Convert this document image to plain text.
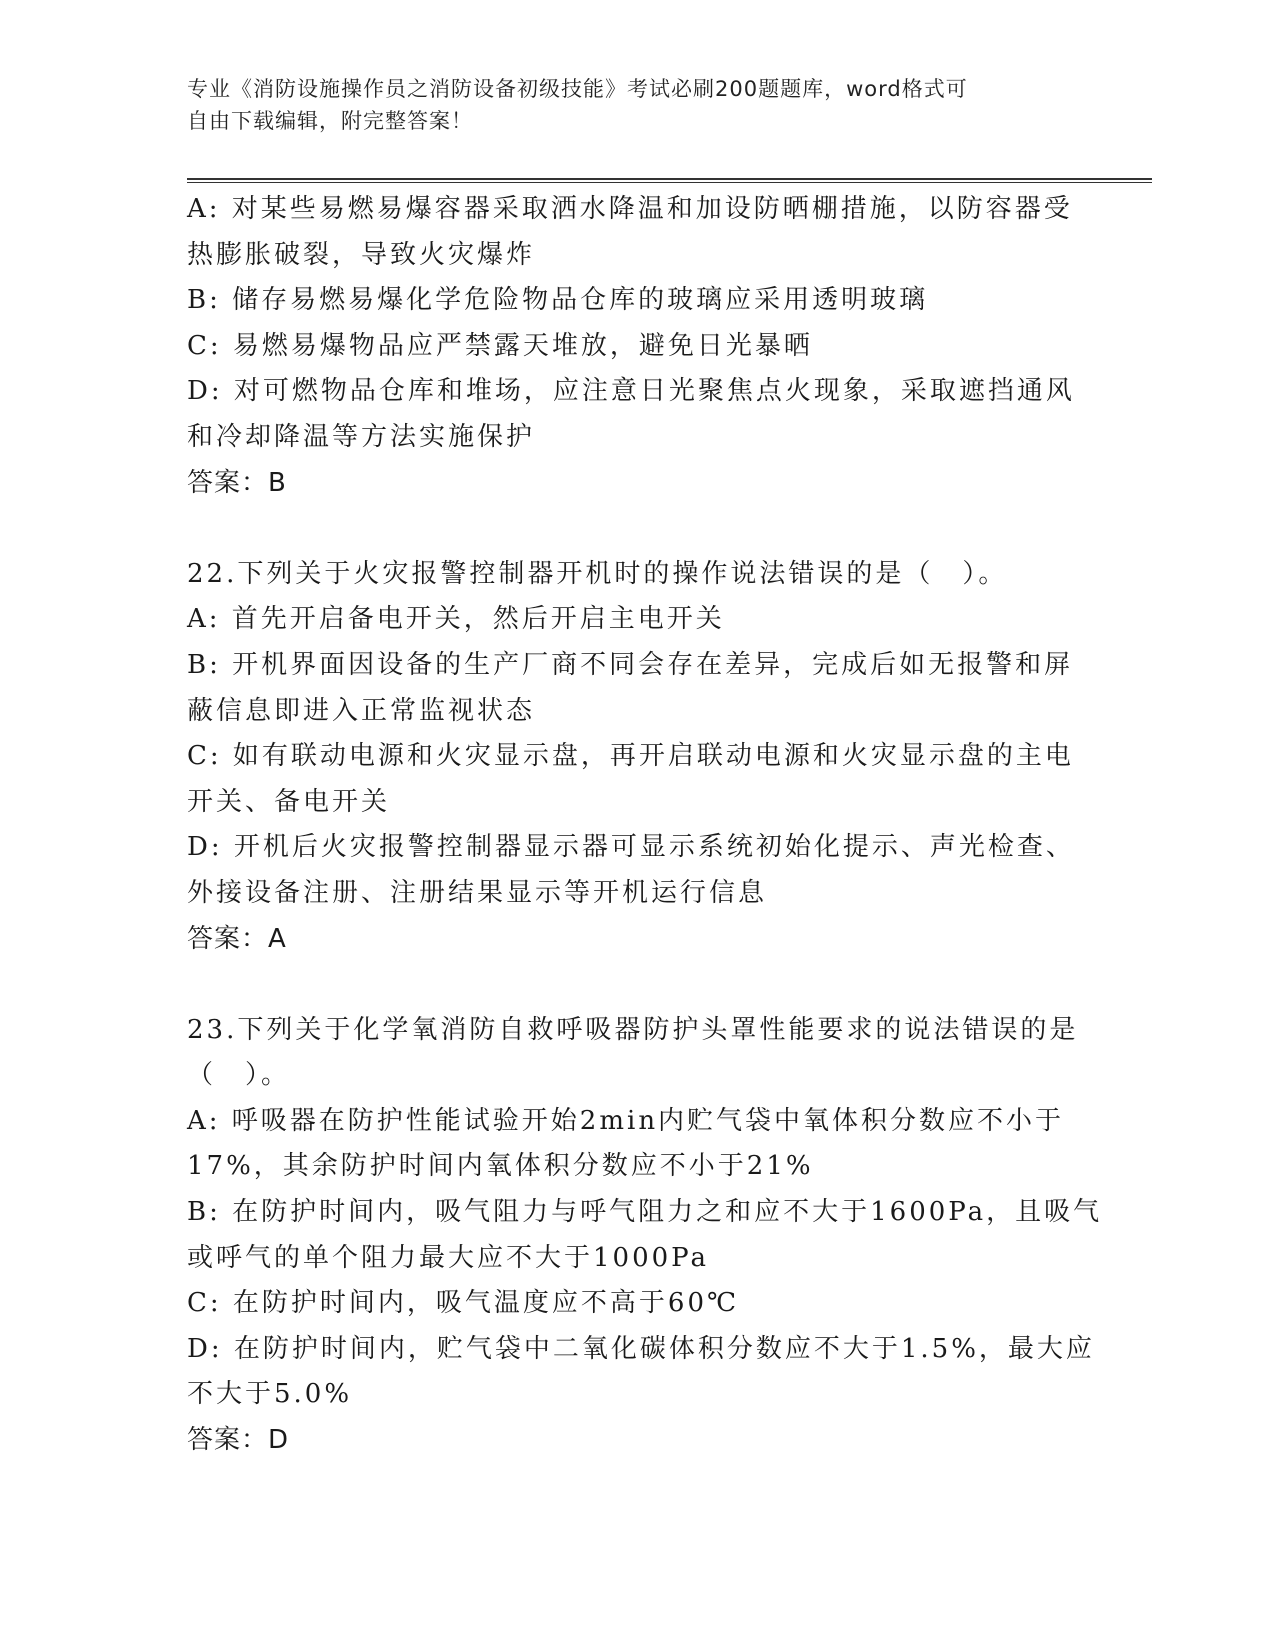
专业《消防设施操作员之消防设备初级技能》考试必刷200题题库，word格式可
自由下载编辑，附完整答案！
A: 对某些易燃易爆容器采取洒水降温和加设防晒棚措施，以防容器受
热膨胀破裂，导致火灾爆炸
B: 储存易燃易爆化学危险物品仓库的玻璃应采用透明玻璃
C: 易燃易爆物品应严禁露天堆放，避免日光暴晒
D: 对可燃物品仓库和堆场，应注意日光聚焦点火现象，采取遮挡通风
和冷却降温等方法实施保护
答案：B
22.下列关于火灾报警控制器开机时的操作说法错误的是（　）。
A: 首先开启备电开关，然后开启主电开关
B: 开机界面因设备的生产厂商不同会存在差异，完成后如无报警和屏
蔽信息即进入正常监视状态
C: 如有联动电源和火灾显示盘，再开启联动电源和火灾显示盘的主电
开关、备电开关
D: 开机后火灾报警控制器显示器可显示系统初始化提示、声光检查、
外接设备注册、注册结果显示等开机运行信息
答案：A
23.下列关于化学氧消防自救呼吸器防护头罩性能要求的说法错误的是
（　）。
A: 呼吸器在防护性能试验开始2min内贮气袋中氧体积分数应不小于
17%，其余防护时间内氧体积分数应不小于21%
B: 在防护时间内，吸气阻力与呼气阻力之和应不大于1600Pa，且吸气
或呼气的单个阻力最大应不大于1000Pa
C: 在防护时间内，吸气温度应不高于60℃
D: 在防护时间内，贮气袋中二氧化碳体积分数应不大于1.5%，最大应
不大于5.0%
答案：D
